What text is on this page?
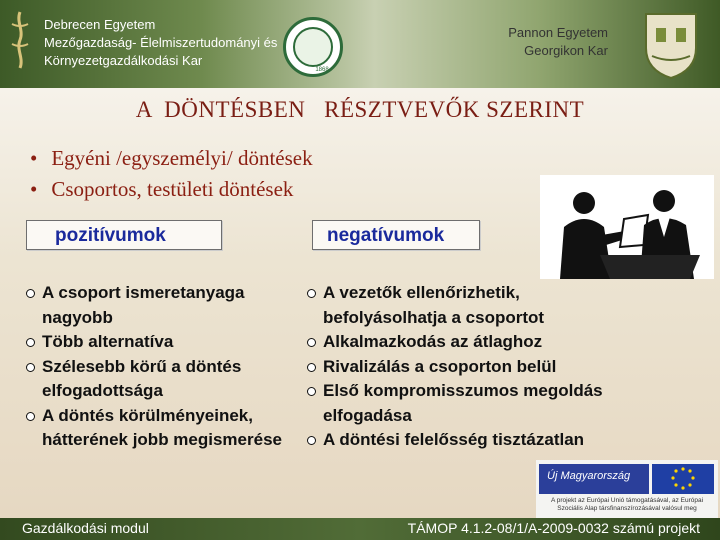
Debrecen Egyetem
Mezőgazdaság- Élelmiszertudományi és
Környezetgazdálkodási Kar
1868
Pannon Egyetem
Georgikon Kar
A  DÖNTÉSBEN   RÉSZTVEVŐK SZERINT
• Egyéni /egyszemélyi/ döntések
• Csoportos, testületi döntések
pozitívumok	negatívumok
A csoport ismeretanyaga nagyobb
Több alternatíva
Szélesebb körű a döntés elfogadottsága
A döntés körülményeinek, hátterének jobb megismerése
A vezetők ellenőrizhetik, befolyásolhatja a csoportot
Alkalmazkodás az átlaghoz
Rivalizálás a csoporton belül
Első kompromisszumos megoldás elfogadása
A döntési felelősség tisztázatlan
Új Magyarország
A projekt az Európai Unió támogatásával, az Európai Szociális Alap társfinanszírozásával valósul meg
Gazdálkodási modul	TÁMOP 4.1.2-08/1/A-2009-0032 számú projekt
